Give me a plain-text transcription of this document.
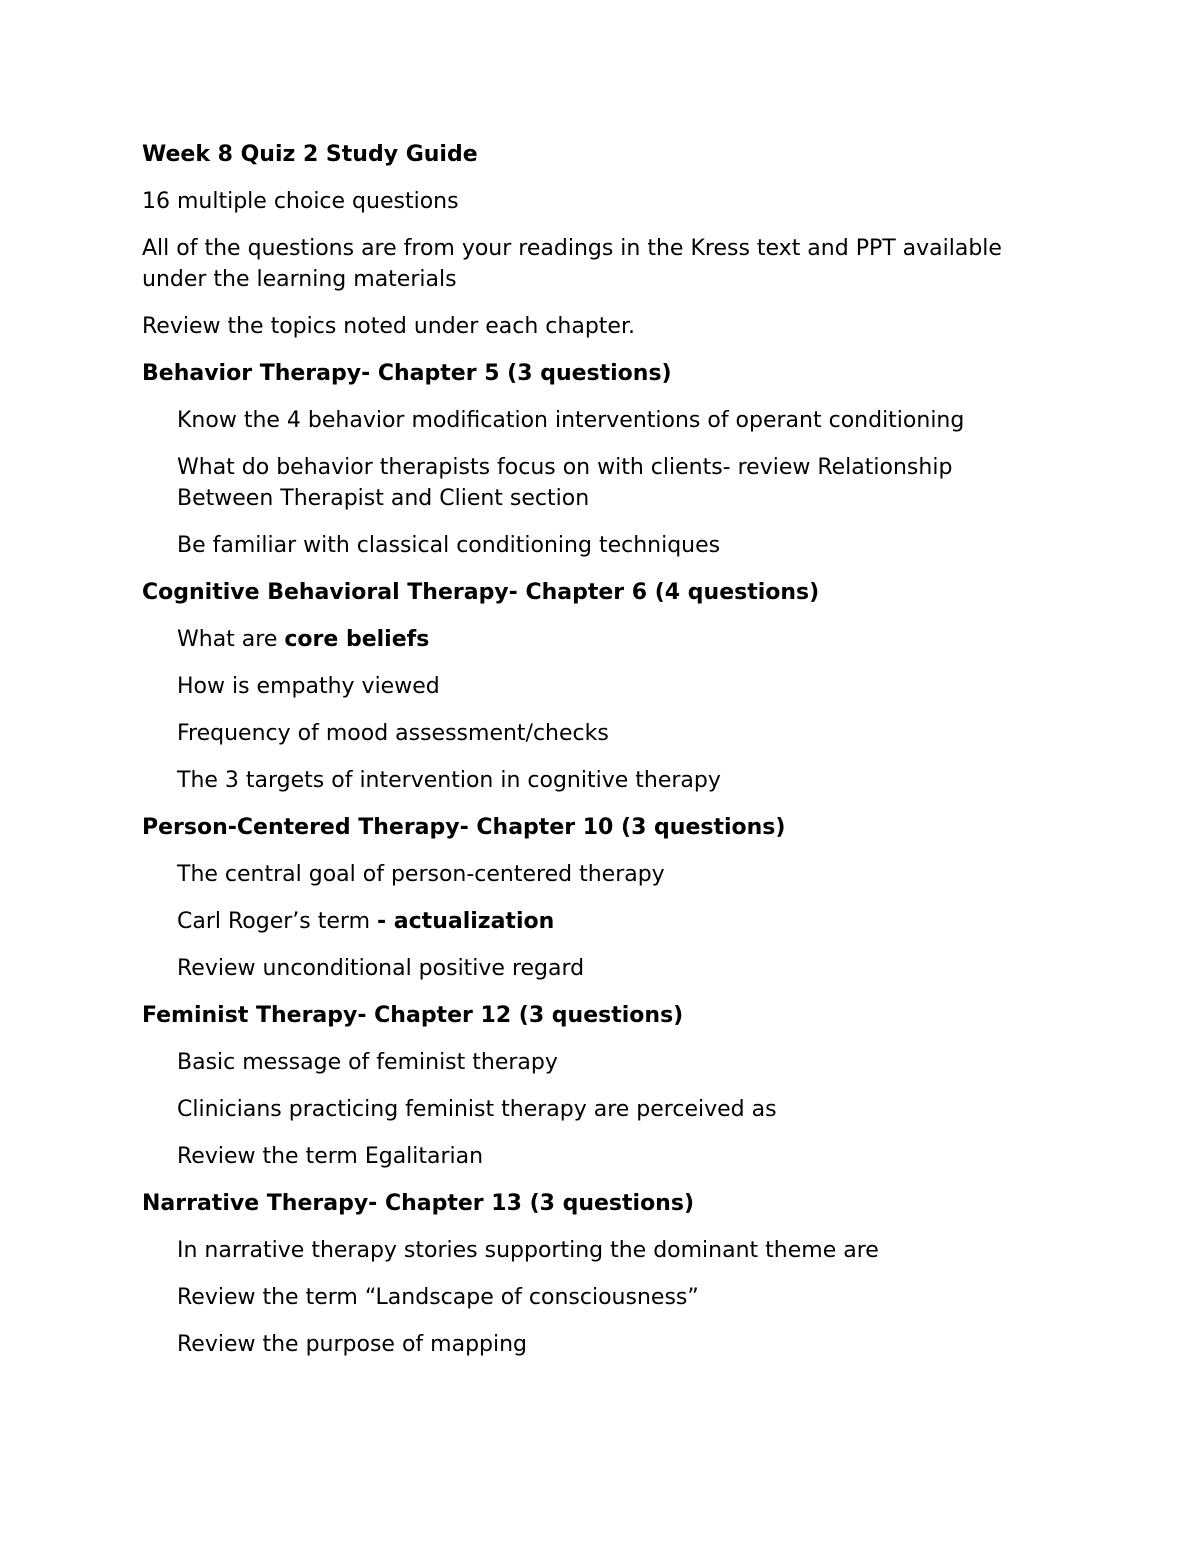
Week 8 Quiz 2 Study Guide

16 multiple choice questions

All of the questions are from your readings in the Kress text and PPT available under the learning materials

Review the topics noted under each chapter.

Behavior Therapy- Chapter 5 (3 questions)

Know the 4 behavior modification interventions of operant conditioning

What do behavior therapists focus on with clients- review Relationship Between Therapist and Client section

Be familiar with classical conditioning techniques

Cognitive Behavioral Therapy- Chapter 6 (4 questions)

What are core beliefs

How is empathy viewed

Frequency of mood assessment/checks

The 3 targets of intervention in cognitive therapy

Person-Centered Therapy- Chapter 10 (3 questions)

The central goal of person-centered therapy

Carl Roger’s term - actualization

Review unconditional positive regard

Feminist Therapy- Chapter 12 (3 questions)

Basic message of feminist therapy

Clinicians practicing feminist therapy are perceived as

Review the term Egalitarian

Narrative Therapy- Chapter 13 (3 questions)

In narrative therapy stories supporting the dominant theme are

Review the term “Landscape of consciousness”

Review the purpose of mapping
